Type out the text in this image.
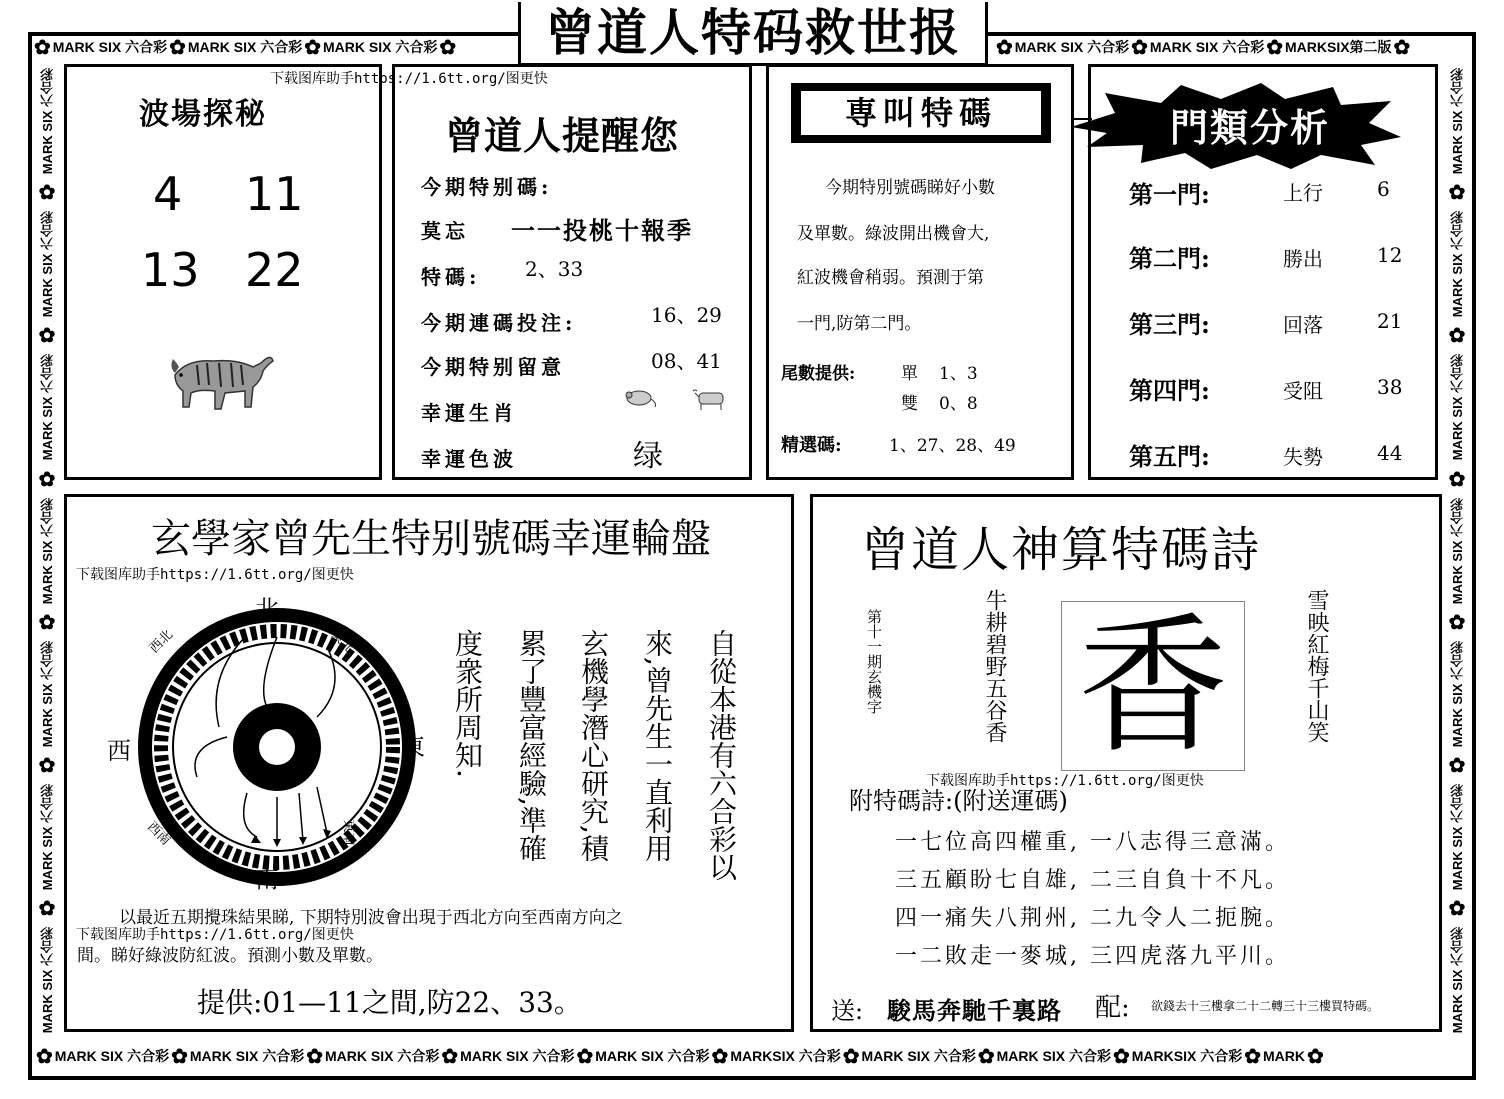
✿ MARK SIX
六合彩 ✿ MARK SIX
六合彩 ✿ MARK SIX
六合彩 ✿	曾道人特码救世报	✿ MARK SIX
六合彩 ✿ MARK SIX
六合彩 ✿ MARKSIX第二版 ✿
MARK SIX 六合彩
✿
MARK SIX 六合彩
✿
MARK SIX 六合彩
✿
MARK SIX 六合彩
✿
MARK SIX 六合彩
✿
MARK SIX 六合彩
✿
MARK SIX 六合彩
MARK SIX 六合彩
✿
MARK SIX 六合彩
✿
MARK SIX 六合彩
✿
MARK SIX 六合彩
✿
MARK SIX 六合彩
✿
MARK SIX 六合彩
✿
MARK SIX 六合彩
✿ MARK SIX
六合彩 ✿ MARK SIX
六合彩 ✿ MARK SIX
六合彩 ✿ MARK SIX
六合彩 ✿ MARK SIX
六合彩 ✿ MARKSIX
六合彩 ✿ MARK SIX
六合彩 ✿ MARK SIX
六合彩 ✿ MARKSIX
六合彩 ✿ MARK ✿
波場探秘
4 11
13 22
下载图库助手https://1.6tt.org/图更快
曾道人提醒您
今期特别碼:
莫忘 一一投桃十報季
特碼: 2、33
今期連碼投注:	16、29
今期特别留意	08、41
幸運生肖
幸運色波	绿
専叫特碼
今期特別號碼睇好小數
及單數。綠波開出機會大,
紅波機會稍弱。預測于第
一門,防第二門。
尾數提供:	單 1、3
雙 0、8
精選碼:	1、27、28、49
門類分析
第一門:	上行	6
第二門:	勝出	12
第三門:	回落	21
第四門:	受阻	38
第五門:	失勢	44
玄學家曾先生特别號碼幸運輪盤
北
南
西	東
西北	東北
西南	東南	自從本港有六合彩以
來,曾先生一直利用
玄機學潛心研究,積
累了豐富經驗,準確
度衆所周知.
以最近五期攪珠結果睇, 下期特別波會出現于西北方向至西南方向之
間。睇好綠波防紅波。預測小數及單數。
提供:01—11之間,防22、33。
下载图库助手https://1.6tt.org/图更快
下载图库助手https://1.6tt.org/图更快
曾道人神算特碼詩
第十一期玄機字	牛耕碧野五谷香 香	雪映紅梅千山笑
附特碼詩:(附送運碼)
一七位高四權重, 一八志得三意滿。
三五顧盼七自雄, 二三自負十不凡。
四一痛失八荆州, 二九令人二扼腕。
一二敗走一麥城, 三四虎落九平川。
送: 駿馬奔馳千裏路 配: 欲錢去十三樓拿二十二轉三十三樓買特碼。
下载图库助手https://1.6tt.org/图更快
